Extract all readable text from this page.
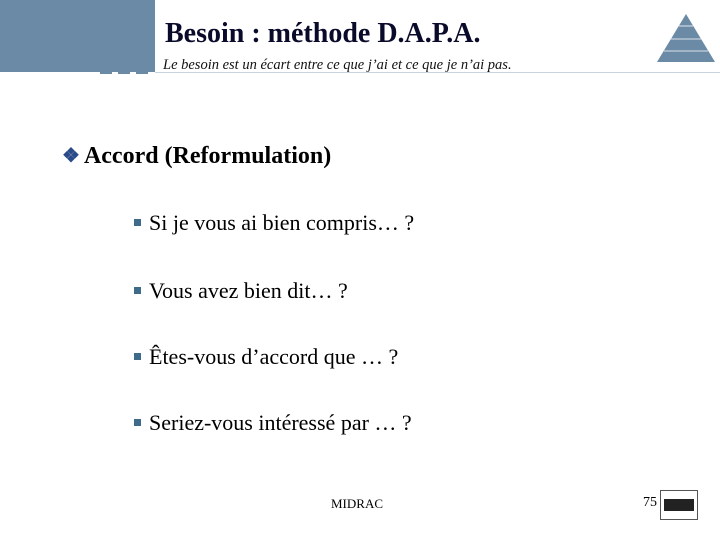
Besoin : méthode D.A.P.A.
Le besoin est un écart entre ce que j’ai et ce que je n’ai pas.
❖ Accord (Reformulation)
Si je vous ai bien compris… ?
Vous avez bien dit… ?
Êtes-vous d’accord que … ?
Seriez-vous intéressé par … ?
MIDRAC	75
